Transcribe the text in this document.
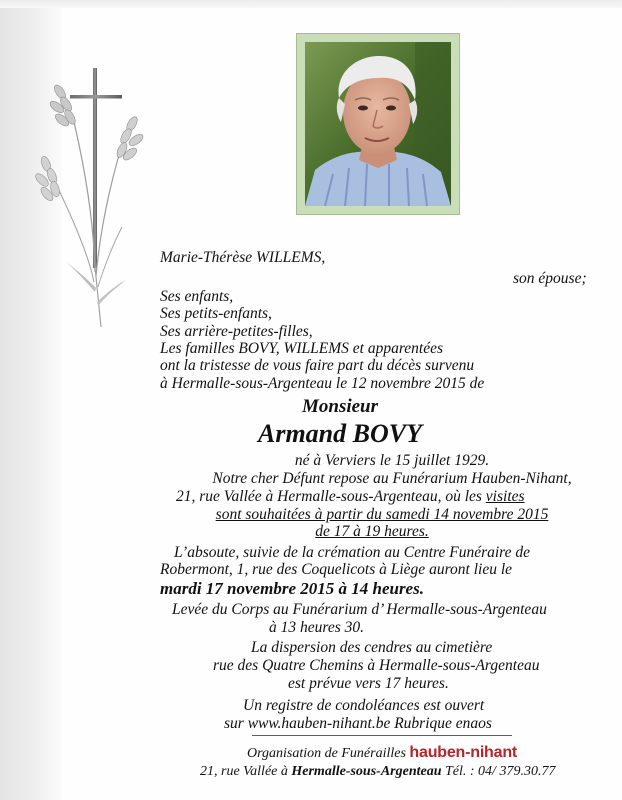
Marie-Thérèse WILLEMS,
son épouse;
Ses enfants,
Ses petits-enfants,
Ses arrière-petites-filles,
Les familles BOVY, WILLEMS et apparentées
ont la tristesse de vous faire part du décès survenu
à Hermalle-sous-Argenteau le 12 novembre 2015 de
Monsieur
Armand BOVY
né à Verviers le 15 juillet 1929.
Notre cher Défunt repose au Funérarium Hauben-Nihant,
21, rue Vallée à Hermalle-sous-Argenteau, où les visites
sont souhaitées à partir du samedi 14 novembre 2015
de 17 à 19 heures.
L’absoute, suivie de la crémation au Centre Funéraire de
Robermont, 1, rue des Coquelicots à Liège auront lieu le
mardi 17 novembre 2015 à 14 heures.
Levée du Corps au Funérarium d’ Hermalle-sous-Argenteau
à 13 heures 30.
La dispersion des cendres au cimetière
rue des Quatre Chemins à Hermalle-sous-Argenteau
est prévue vers 17 heures.
Un registre de condoléances est ouvert
sur www.hauben-nihant.be Rubrique enaos
Organisation de Funérailles hauben-nihant
21, rue Vallée à Hermalle-sous-Argenteau Tél. : 04/ 379.30.77
